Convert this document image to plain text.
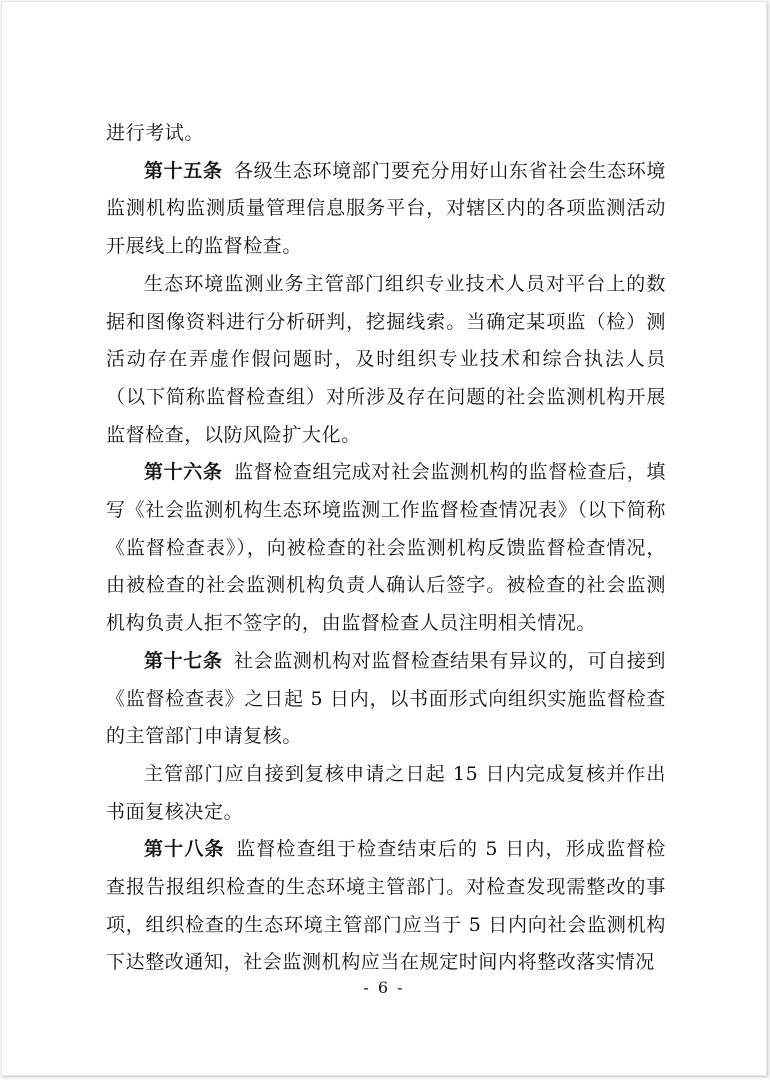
进行考试。

第十五条 各级生态环境部门要充分用好山东省社会生态环境监测机构监测质量管理信息服务平台，对辖区内的各项监测活动开展线上的监督检查。

生态环境监测业务主管部门组织专业技术人员对平台上的数据和图像资料进行分析研判，挖掘线索。当确定某项监（检）测活动存在弄虚作假问题时，及时组织专业技术和综合执法人员（以下简称监督检查组）对所涉及存在问题的社会监测机构开展监督检查，以防风险扩大化。

第十六条 监督检查组完成对社会监测机构的监督检查后，填写《社会监测机构生态环境监测工作监督检查情况表》（以下简称《监督检查表》），向被检查的社会监测机构反馈监督检查情况，由被检查的社会监测机构负责人确认后签字。被检查的社会监测机构负责人拒不签字的，由监督检查人员注明相关情况。

第十七条 社会监测机构对监督检查结果有异议的，可自接到《监督检查表》之日起 5 日内，以书面形式向组织实施监督检查的主管部门申请复核。

主管部门应自接到复核申请之日起 15 日内完成复核并作出书面复核决定。

第十八条 监督检查组于检查结束后的 5 日内，形成监督检查报告报组织检查的生态环境主管部门。对检查发现需整改的事项，组织检查的生态环境主管部门应当于 5 日内向社会监测机构下达整改通知，社会监测机构应当在规定时间内将整改落实情况

- 6 -
